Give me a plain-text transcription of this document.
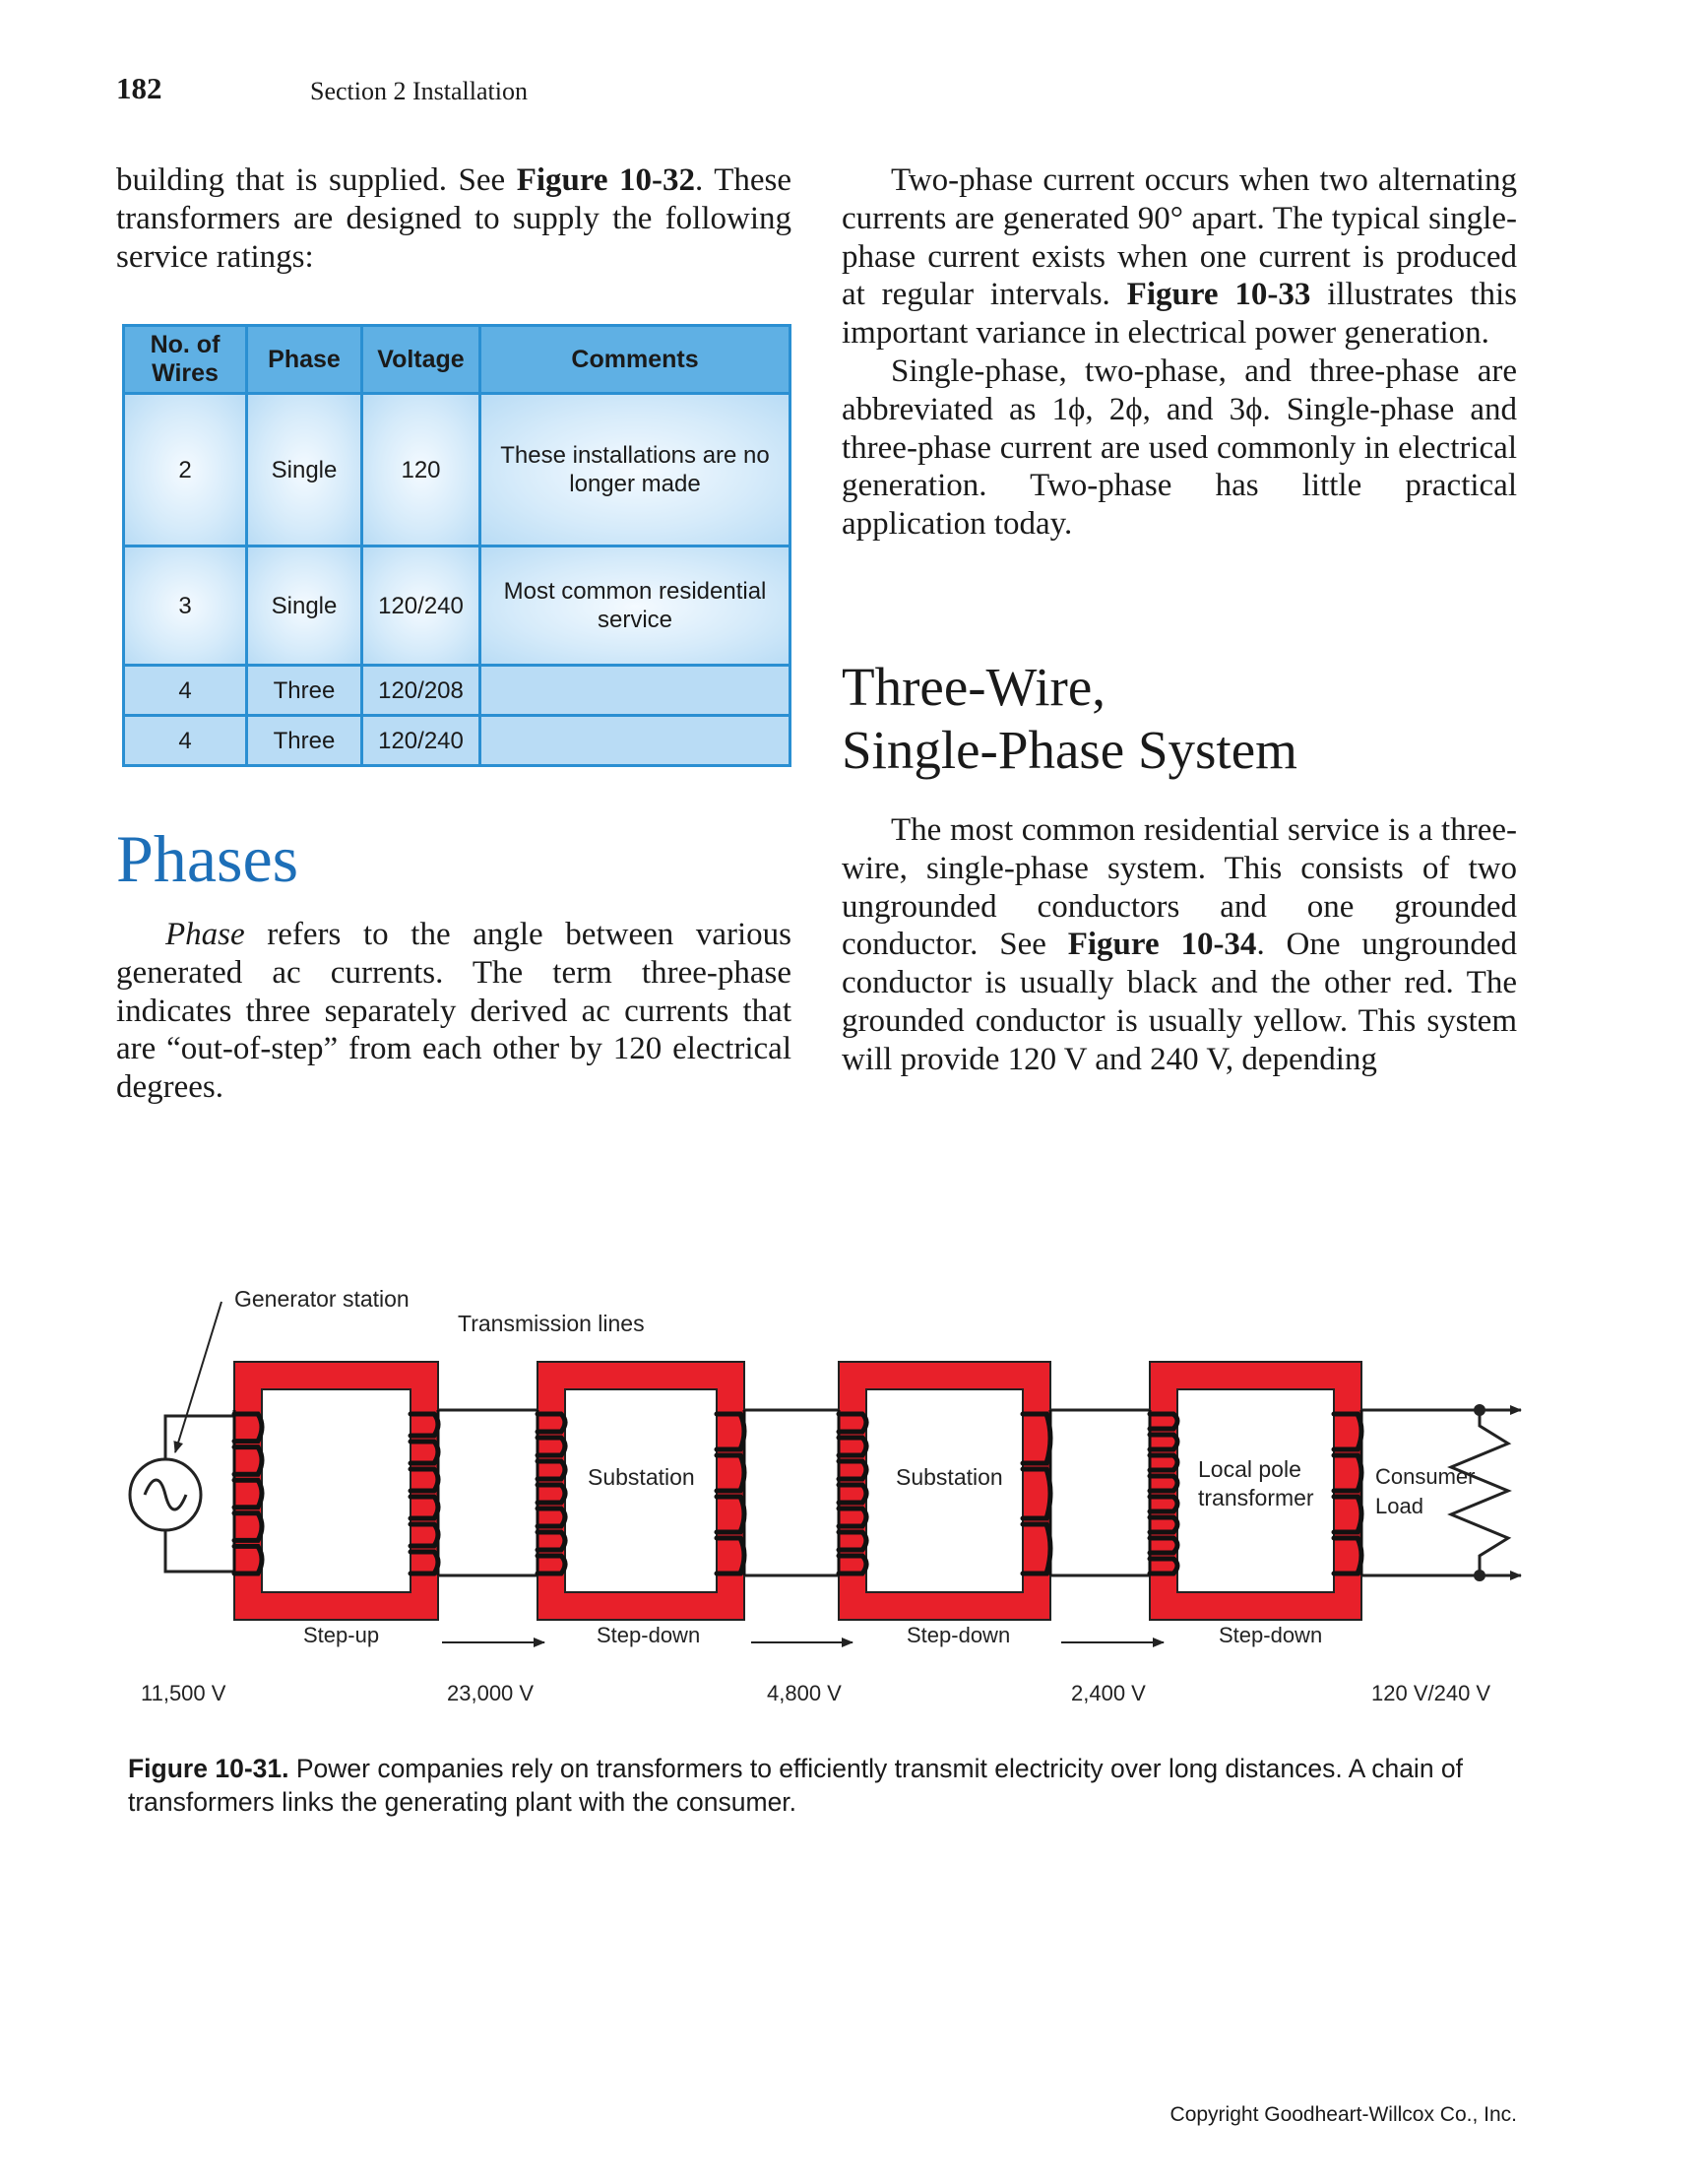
182	Section 2 Installation

building that is supplied. See Figure 10-32. These transformers are designed to supply the following service ratings:

No. of Wires	Phase	Voltage	Comments
2	Single	120	These installations are no longer made
3	Single	120/240	Most common residential service
4	Three	120/208	
4	Three	120/240	
Phases

Phase refers to the angle between various generated ac currents. The term three-phase indicates three separately derived ac currents that are “out-of-step” from each other by 120 electrical degrees.

Two-phase current occurs when two alternating currents are generated 90° apart. The typical single-phase current exists when one current is produced at regular intervals. Figure 10-33 illustrates this important variance in electrical power generation.

Single-phase, two-phase, and three-phase are abbreviated as 1ϕ, 2ϕ, and 3ϕ. Single-phase and three-phase current are used commonly in electrical generation. Two-phase has little practical application today.

Three-Wire,
Single-Phase System

The most common residential service is a three-wire, single-phase system. This consists of two ungrounded conductors and one grounded conductor. See Figure 10-34. One ungrounded conductor is usually black and the other red. The grounded conductor is usually yellow. This system will provide 120 V and 240 V, depending

Generator station
Transmission lines
Substation	Substation	Local pole
transformer
Consumer
Load
Step-up	Step-down	Step-down	Step-down
11,500 V	23,000 V	4,800 V	2,400 V	120 V/240 V

Figure 10-31. Power companies rely on transformers to efficiently transmit electricity over long distances. A chain of transformers links the generating plant with the consumer.

Copyright Goodheart-Willcox Co., Inc.
